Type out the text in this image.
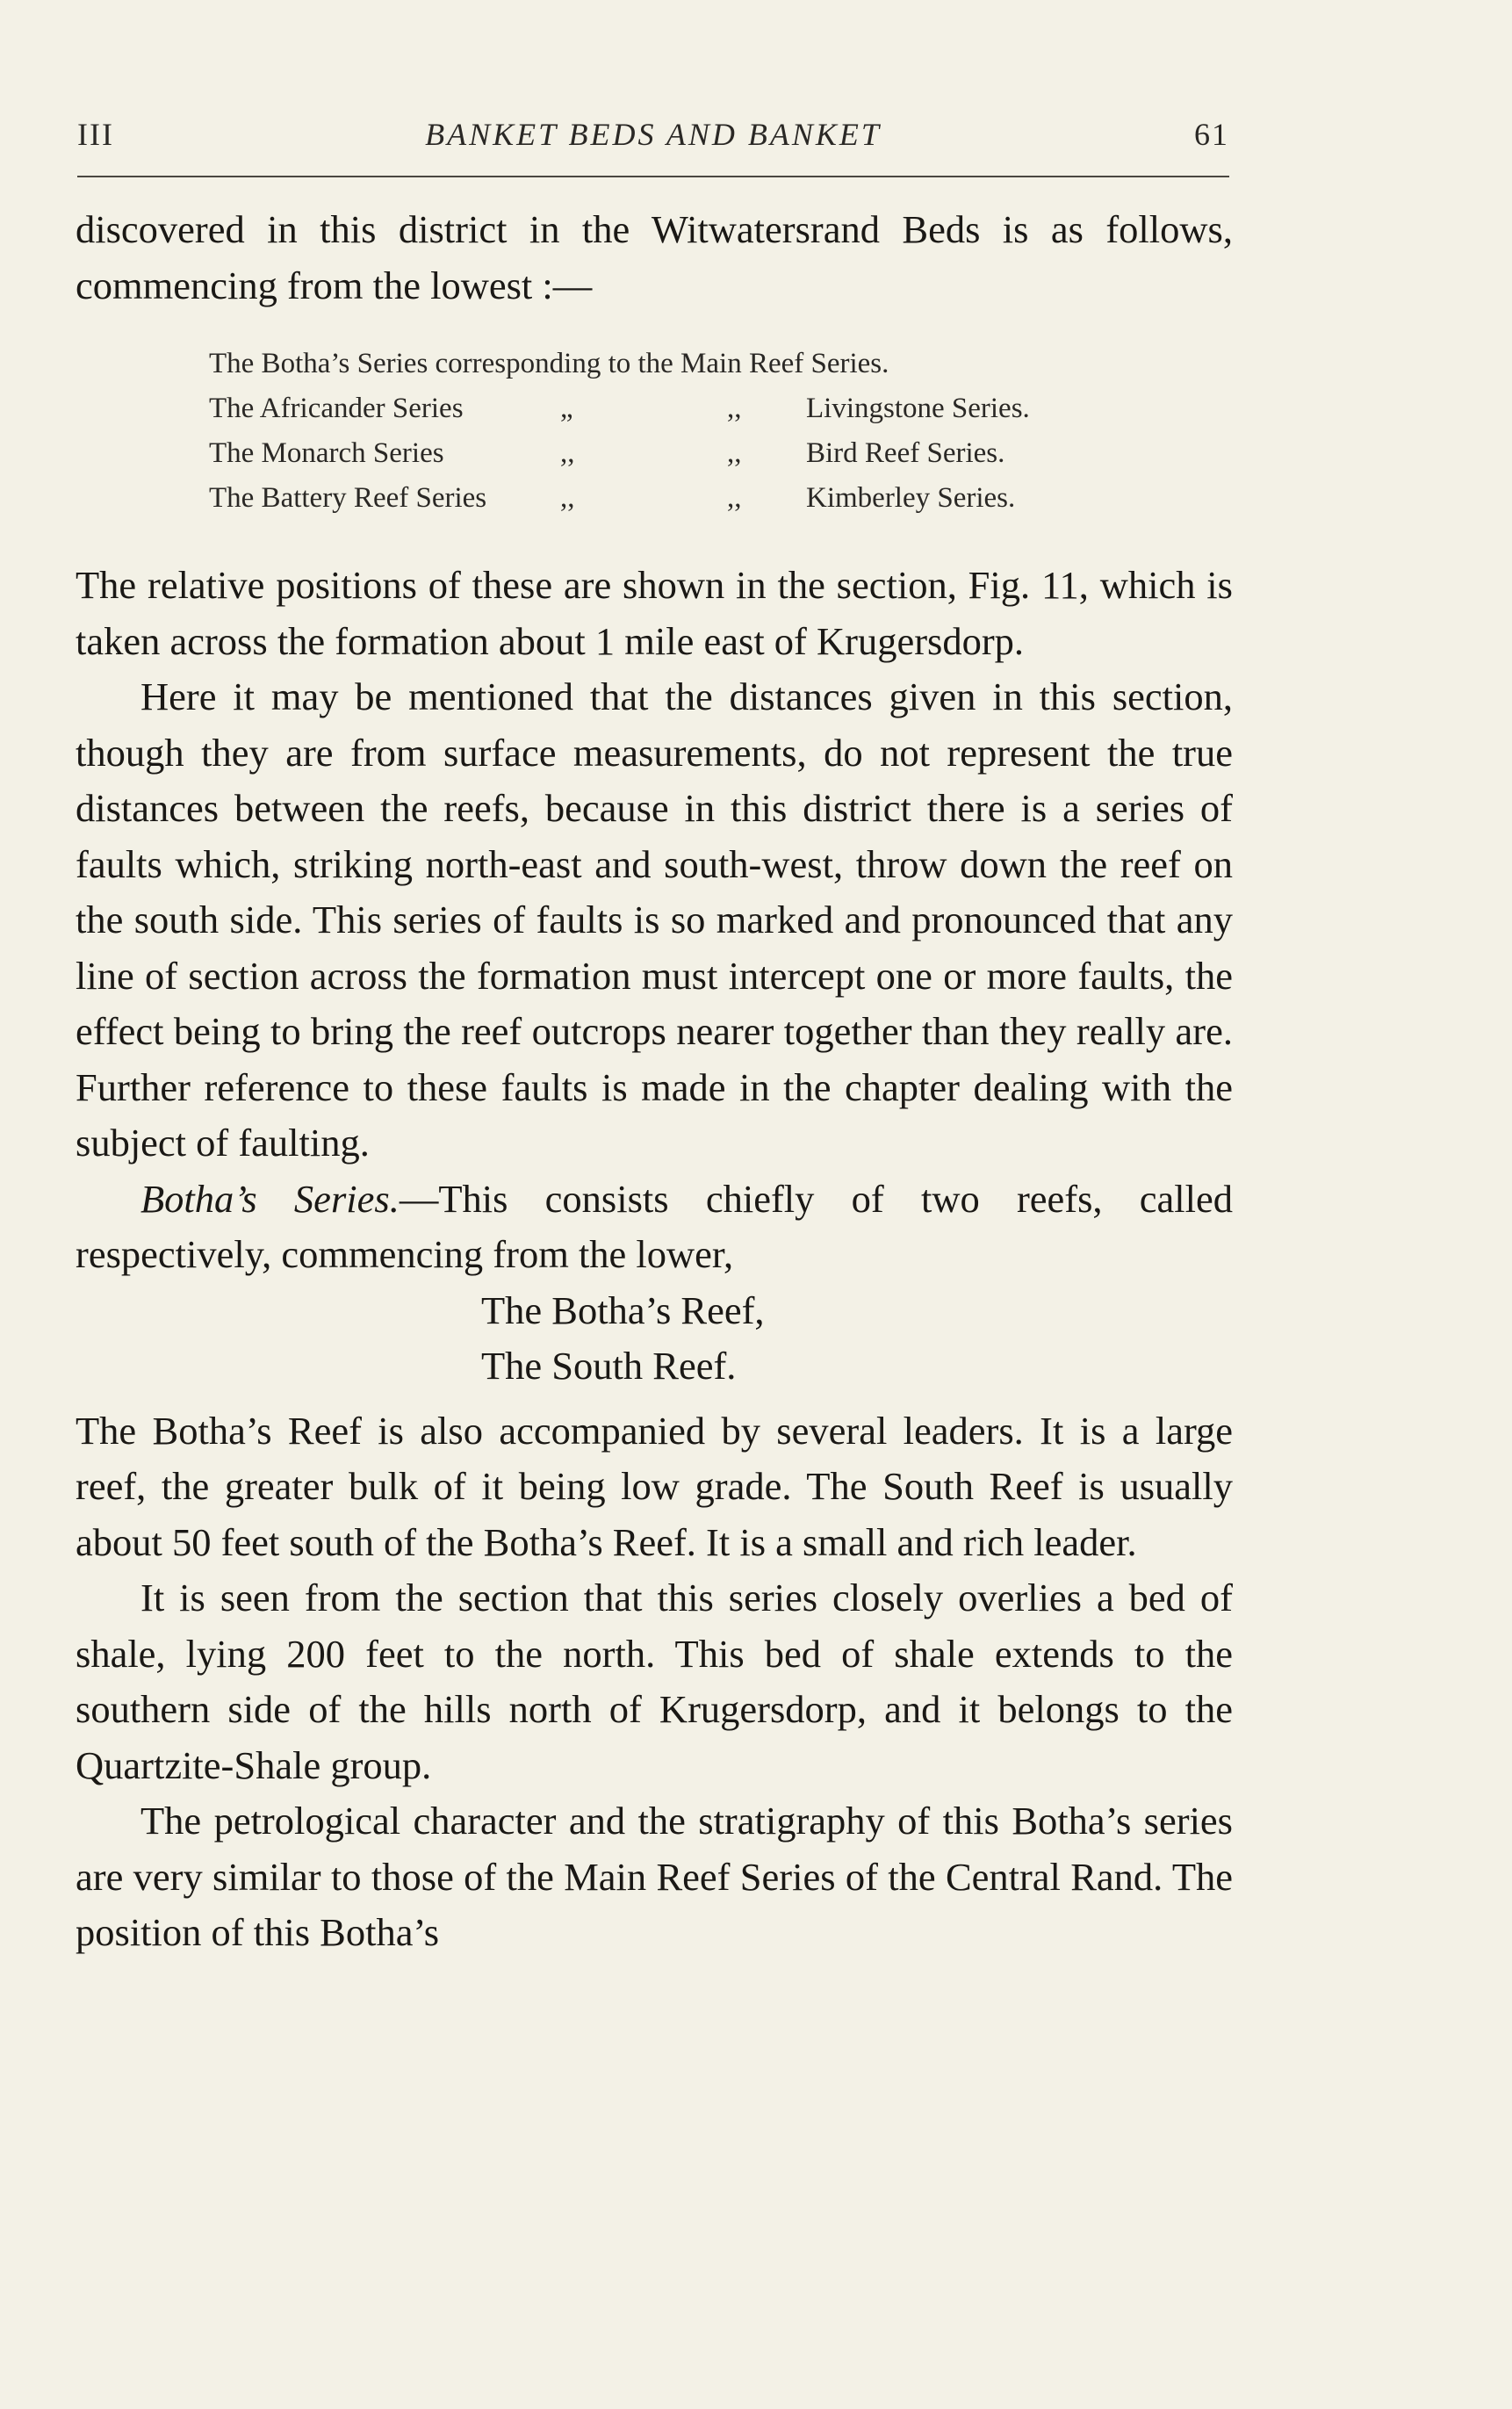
III	BANKET BEDS AND BANKET	61

discovered in this district in the Witwatersrand Beds is as follows, commencing from the lowest :—

The Botha’s Series corresponding to the Main Reef Series.
The Africander Series	„	,,	Livingstone Series.
The Monarch Series	,,	,,	Bird Reef Series.
The Battery Reef Series	,,	,,	Kimberley Series.

The relative positions of these are shown in the section, Fig. 11, which is taken across the formation about 1 mile east of Krugersdorp.

Here it may be mentioned that the distances given in this section, though they are from surface measurements, do not represent the true distances between the reefs, because in this district there is a series of faults which, striking north-east and south-west, throw down the reef on the south side. This series of faults is so marked and pronounced that any line of section across the formation must intercept one or more faults, the effect being to bring the reef outcrops nearer together than they really are. Further reference to these faults is made in the chapter dealing with the subject of faulting.

Botha’s Series.—This consists chiefly of two reefs, called respectively, commencing from the lower,

The Botha’s Reef,
The South Reef.

The Botha’s Reef is also accompanied by several leaders. It is a large reef, the greater bulk of it being low grade. The South Reef is usually about 50 feet south of the Botha’s Reef. It is a small and rich leader.

It is seen from the section that this series closely overlies a bed of shale, lying 200 feet to the north. This bed of shale extends to the southern side of the hills north of Krugersdorp, and it belongs to the Quartzite-Shale group.

The petrological character and the stratigraphy of this Botha’s series are very similar to those of the Main Reef Series of the Central Rand. The position of this Botha’s
